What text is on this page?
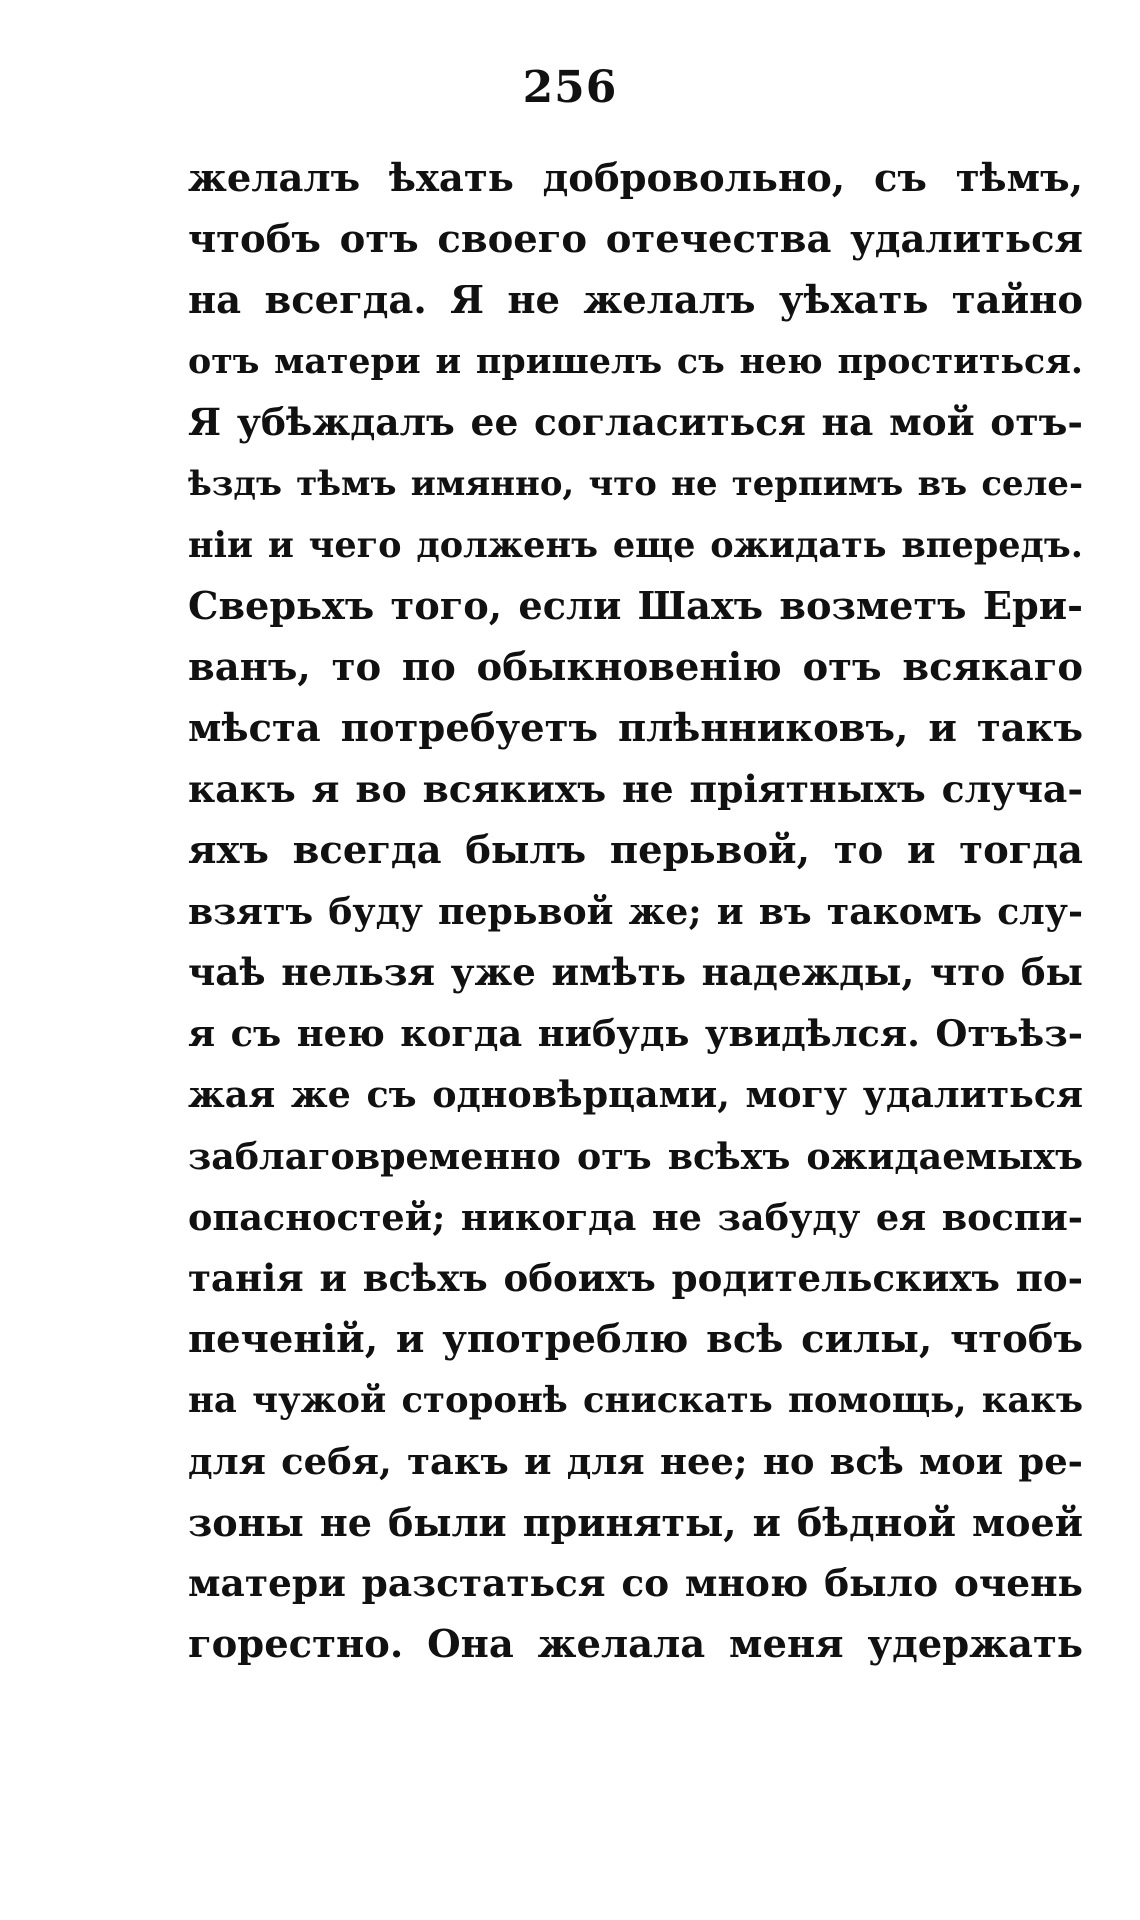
256
желалъ ѣхать добровольно, съ тѣмъ,
чтобъ отъ своего отечества удалиться
на всегда. Я не желалъ уѣхать тайно
отъ матери и пришелъ съ нею проститься.
Я убѣждалъ ее согласиться на мой отъ-
ѣздъ тѣмъ имянно, что не терпимъ въ селе-
ніи и чего долженъ еще ожидать впередъ.
Сверьхъ того, если Шахъ возметъ Ери-
ванъ, то по обыкновенію отъ всякаго
мѣста потребуетъ плѣнниковъ, и такъ
какъ я во всякихъ не пріятныхъ случа-
яхъ всегда былъ перьвой, то и тогда
взятъ буду перьвой же; и въ такомъ слу-
чаѣ нельзя уже имѣть надежды, что бы
я съ нею когда нибудь увидѣлся. Отъѣз-
жая же съ одновѣрцами, могу удалиться
заблаговременно отъ всѣхъ ожидаемыхъ
опасностей; никогда не забуду ея воспи-
танія и всѣхъ обоихъ родительскихъ по-
печеній, и употреблю всѣ силы, чтобъ
на чужой сторонѣ снискать помощь, какъ
для себя, такъ и для нее; но всѣ мои ре-
зоны не были приняты, и бѣдной моей
матери разстаться со мною было очень
горестно. Она желала меня удержать
